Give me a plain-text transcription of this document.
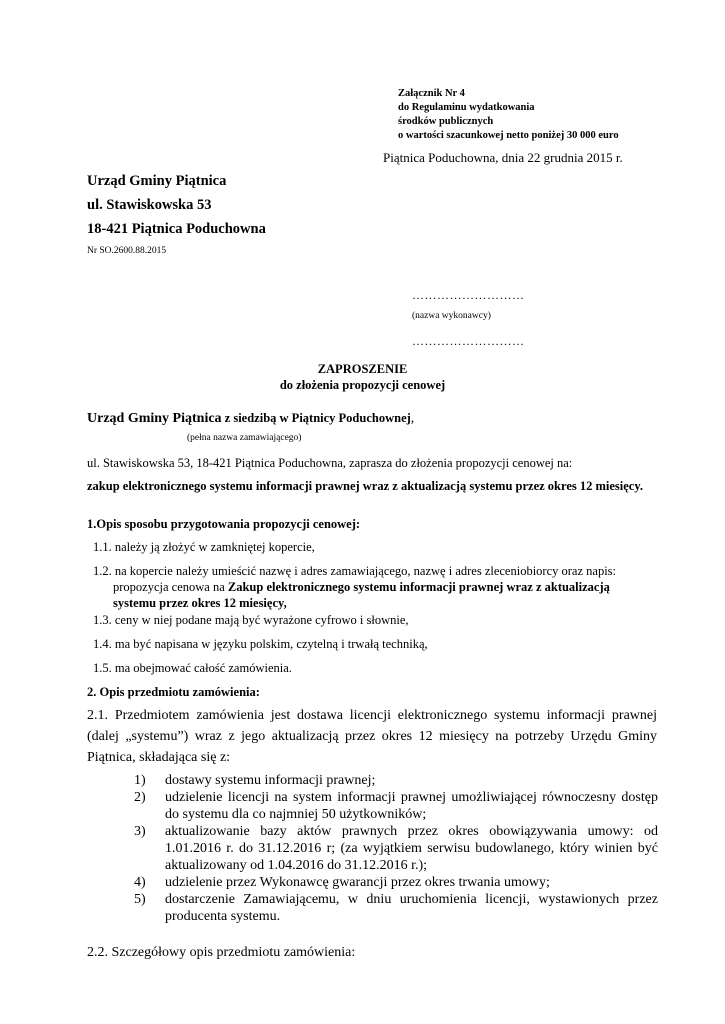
Załącznik Nr 4
do Regulaminu wydatkowania
środków publicznych
o wartości szacunkowej netto poniżej 30 000 euro
Piątnica Poduchowna, dnia 22 grudnia 2015 r.
Urząd Gminy Piątnica
ul. Stawiskowska 53
18-421 Piątnica Poduchowna
Nr SO.2600.88.2015
………………………
(nazwa wykonawcy)
………………………
ZAPROSZENIE
do złożenia propozycji cenowej
Urząd Gminy Piątnica z siedzibą w Piątnicy Poduchownej,
(pełna nazwa zamawiającego)
ul. Stawiskowska 53, 18-421 Piątnica Poduchowna, zaprasza do złożenia propozycji cenowej na:
zakup elektronicznego systemu informacji prawnej wraz z aktualizacją systemu przez okres 12 miesięcy.
1.Opis sposobu przygotowania propozycji cenowej:
1.1. należy ją złożyć w zamkniętej kopercie,
1.2. na kopercie należy umieścić nazwę i adres zamawiającego, nazwę i adres zleceniobiorcy oraz napis:
propozycja cenowa na Zakup elektronicznego systemu informacji prawnej wraz z aktualizacją
systemu przez okres 12 miesięcy,
1.3. ceny w niej podane mają być wyrażone cyfrowo i słownie,
1.4. ma być napisana w języku polskim, czytelną i trwałą techniką,
1.5. ma obejmować całość zamówienia.
2. Opis przedmiotu zamówienia:
2.1. Przedmiotem zamówienia jest dostawa licencji elektronicznego systemu informacji prawnej (dalej „systemu”) wraz z jego aktualizacją przez okres 12 miesięcy na potrzeby Urzędu Gminy Piątnica, składająca się z:
1)	dostawy systemu informacji prawnej;
2)	udzielenie licencji na system informacji prawnej umożliwiającej równoczesny dostęp do systemu dla co najmniej 50 użytkowników;
3)	aktualizowanie bazy aktów prawnych przez okres obowiązywania umowy: od 1.01.2016 r. do 31.12.2016 r; (za wyjątkiem serwisu budowlanego, który winien być aktualizowany od 1.04.2016 do 31.12.2016 r.);
4)	udzielenie przez Wykonawcę gwarancji przez okres trwania umowy;
5)	dostarczenie Zamawiającemu, w dniu uruchomienia licencji, wystawionych przez producenta systemu.
2.2. Szczegółowy opis przedmiotu zamówienia:
